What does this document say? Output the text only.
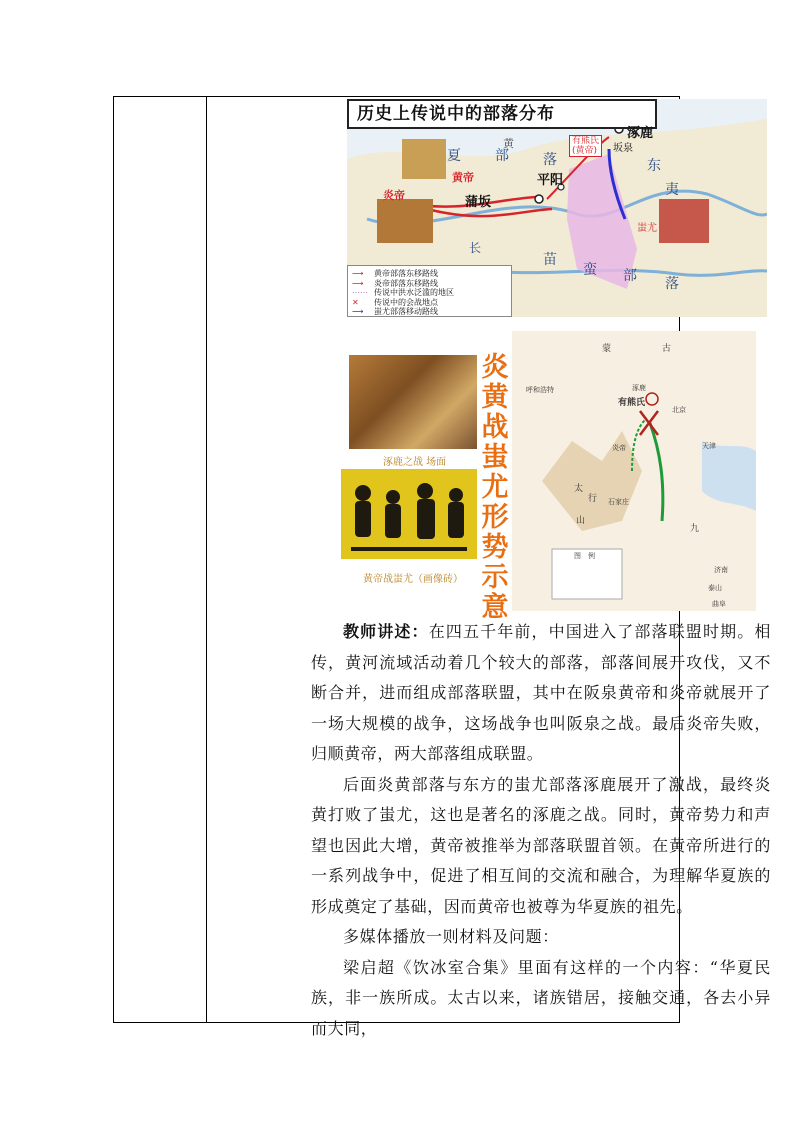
历史上传说中的部落分布
夏 部 落
黄
黄帝
炎帝	蒲坂
平阳
涿鹿
有熊氏
(黄帝)	坂泉
东
夷
蚩尤
长
苗
蛮 部 落
⟶	黄帝部落东移路线
⟶	炎帝部落东移路线
⋯⋯ 传说中洪水泛滥的地区
✕	传说中的会战地点
⟶	蚩尤部落移动路线
涿鹿之战 场面
黄帝战蚩尤（画像砖）
炎
黄
战
蚩
尤
形
势
示
意
蒙	古
呼和浩特	涿鹿
有熊氏
北京
天津
炎帝
太
行
山
石家庄
九
图　例
济南
泰山
曲阜

教师讲述：在四五千年前，中国进入了部落联盟时期。相传，黄河流域活动着几个较大的部落，部落间展开攻伐，又不断合并，进而组成部落联盟，其中在阪泉黄帝和炎帝就展开了一场大规模的战争，这场战争也叫阪泉之战。最后炎帝失败，归顺黄帝，两大部落组成联盟。

后面炎黄部落与东方的蚩尤部落涿鹿展开了激战，最终炎黄打败了蚩尤，这也是著名的涿鹿之战。同时，黄帝势力和声望也因此大增，黄帝被推举为部落联盟首领。在黄帝所进行的一系列战争中，促进了相互间的交流和融合，为理解华夏族的形成奠定了基础，因而黄帝也被尊为华夏族的祖先。

多媒体播放一则材料及问题：

梁启超《饮冰室合集》里面有这样的一个内容：“华夏民族，非一族所成。太古以来，诸族错居，接触交通，各去小异而大同，
